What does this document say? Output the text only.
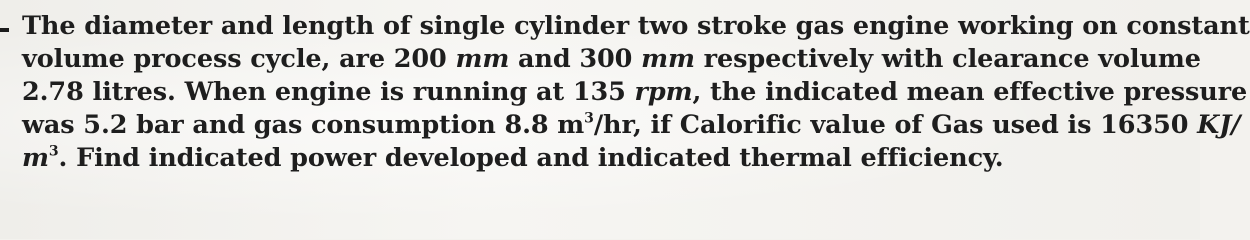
The diameter and length of single cylinder two stroke gas engine working on constant
volume process cycle, are 200 mm and 300 mm respectively with clearance volume
2.78 litres. When engine is running at 135 rpm, the indicated mean effective pressure
was 5.2 bar and gas consumption 8.8 $m^3/hr$, if Calorific value of Gas used is 16350 KJ/
$m^3$. Find indicated power developed and indicated thermal efficiency.
